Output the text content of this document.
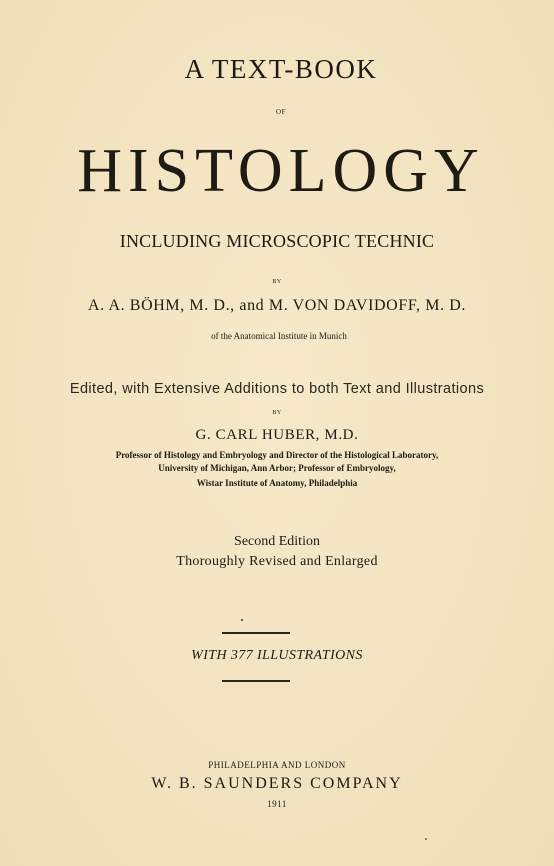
A TEXT-BOOK
OF
HISTOLOGY
INCLUDING MICROSCOPIC TECHNIC
BY
A. A. BÖHM, M. D., and M. VON DAVIDOFF, M. D.
of the Anatomical Institute in Munich
Edited, with Extensive Additions to both Text and Illustrations
BY
G. CARL HUBER, M.D.
Professor of Histology and Embryology and Director of the Histological Laboratory,
University of Michigan, Ann Arbor; Professor of Embryology,
Wistar Institute of Anatomy, Philadelphia
Second Edition
Thoroughly Revised and Enlarged
WITH 377 ILLUSTRATIONS
PHILADELPHIA AND LONDON
W. B. SAUNDERS COMPANY
1911
